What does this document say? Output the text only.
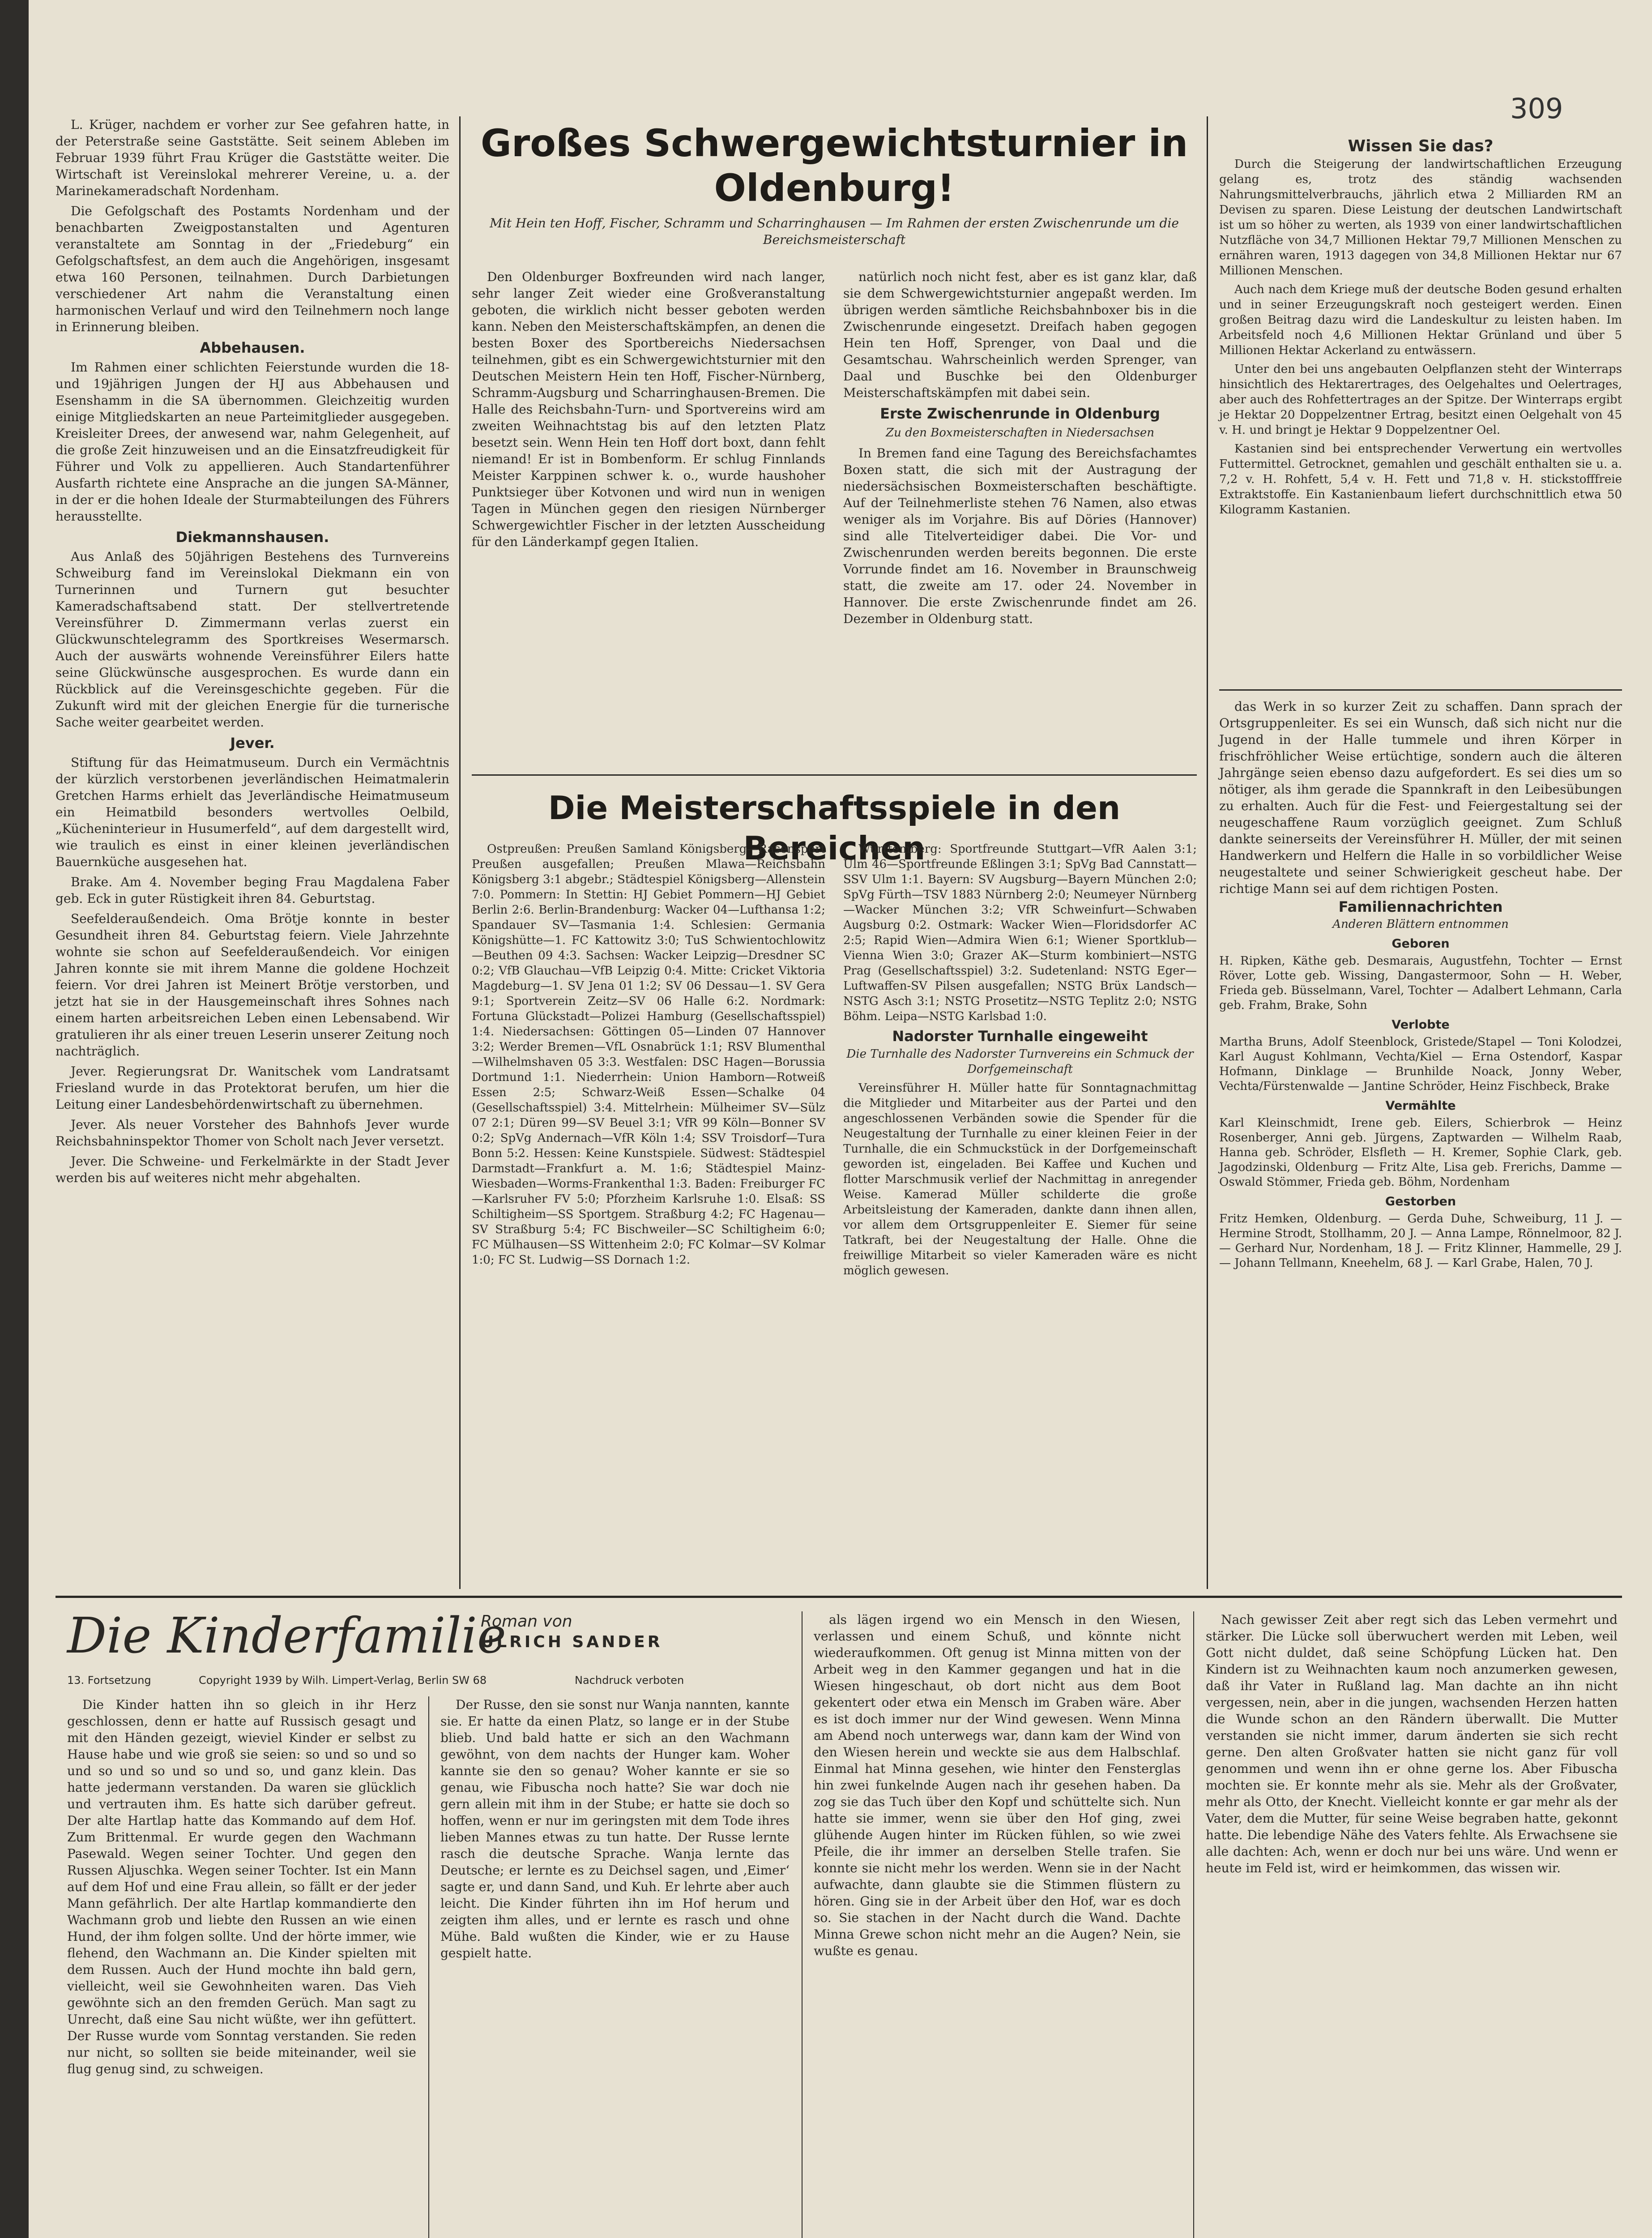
309

L. Krüger, nachdem er vorher zur See gefahren hatte, in der Peterstraße seine Gaststätte. Seit seinem Ableben im Februar 1939 führt Frau Krüger die Gaststätte weiter. Die Wirtschaft ist Vereinslokal mehrerer Vereine, u. a. der Marinekameradschaft Nordenham.

Die Gefolgschaft des Postamts Nordenham und der benachbarten Zweigpostanstalten und Agenturen veranstaltete am Sonntag in der „Friedeburg“ ein Gefolgschaftsfest, an dem auch die Angehörigen, insgesamt etwa 160 Personen, teilnahmen. Durch Darbietungen verschiedener Art nahm die Veranstaltung einen harmonischen Verlauf und wird den Teilnehmern noch lange in Erinnerung bleiben.

Abbehausen.

Im Rahmen einer schlichten Feierstunde wurden die 18- und 19jährigen Jungen der HJ aus Abbehausen und Esenshamm in die SA übernommen. Gleichzeitig wurden einige Mitgliedskarten an neue Parteimitglieder ausgegeben. Kreisleiter Drees, der anwesend war, nahm Gelegenheit, auf die große Zeit hinzuweisen und an die Einsatzfreudigkeit für Führer und Volk zu appellieren. Auch Standartenführer Ausfarth richtete eine Ansprache an die jungen SA-Männer, in der er die hohen Ideale der Sturmabteilungen des Führers herausstellte.

Diekmannshausen.

Aus Anlaß des 50jährigen Bestehens des Turnvereins Schweiburg fand im Vereinslokal Diekmann ein von Turnerinnen und Turnern gut besuchter Kameradschaftsabend statt. Der stellvertretende Vereinsführer D. Zimmermann verlas zuerst ein Glückwunschtelegramm des Sportkreises Wesermarsch. Auch der auswärts wohnende Vereinsführer Eilers hatte seine Glückwünsche ausgesprochen. Es wurde dann ein Rückblick auf die Vereinsgeschichte gegeben. Für die Zukunft wird mit der gleichen Energie für die turnerische Sache weiter gearbeitet werden.

Jever.

Stiftung für das Heimatmuseum. Durch ein Vermächtnis der kürzlich verstorbenen jeverländischen Heimatmalerin Gretchen Harms erhielt das Jeverländische Heimatmuseum ein Heimatbild besonders wertvolles Oelbild, „Kücheninterieur in Husumerfeld“, auf dem dargestellt wird, wie traulich es einst in einer kleinen jeverländischen Bauernküche ausgesehen hat.

Brake. Am 4. November beging Frau Magdalena Faber geb. Eck in guter Rüstigkeit ihren 84. Geburtstag.

Seefelderaußendeich. Oma Brötje konnte in bester Gesundheit ihren 84. Geburtstag feiern. Viele Jahrzehnte wohnte sie schon auf Seefelderaußendeich. Vor einigen Jahren konnte sie mit ihrem Manne die goldene Hochzeit feiern. Vor drei Jahren ist Meinert Brötje verstorben, und jetzt hat sie in der Hausgemeinschaft ihres Sohnes nach einem harten arbeitsreichen Leben einen Lebensabend. Wir gratulieren ihr als einer treuen Leserin unserer Zeitung noch nachträglich.

Jever. Regierungsrat Dr. Wanitschek vom Landratsamt Friesland wurde in das Protektorat berufen, um hier die Leitung einer Landesbehördenwirtschaft zu übernehmen.

Jever. Als neuer Vorsteher des Bahnhofs Jever wurde Reichsbahninspektor Thomer von Scholt nach Jever versetzt.

Jever. Die Schweine- und Ferkelmärkte in der Stadt Jever werden bis auf weiteres nicht mehr abgehalten.

Großes Schwergewichtsturnier in Oldenburg!
Mit Hein ten Hoff, Fischer, Schramm und Scharringhausen — Im Rahmen der ersten Zwischenrunde um die Bereichsmeisterschaft

Den Oldenburger Boxfreunden wird nach langer, sehr langer Zeit wieder eine Großveranstaltung geboten, die wirklich nicht besser geboten werden kann. Neben den Meisterschaftskämpfen, an denen die besten Boxer des Sportbereichs Niedersachsen teilnehmen, gibt es ein Schwergewichtsturnier mit den Deutschen Meistern Hein ten Hoff, Fischer-Nürnberg, Schramm-Augsburg und Scharringhausen-Bremen. Die Halle des Reichsbahn-Turn- und Sportvereins wird am zweiten Weihnachtstag bis auf den letzten Platz besetzt sein. Wenn Hein ten Hoff dort boxt, dann fehlt niemand! Er ist in Bombenform. Er schlug Finnlands Meister Karppinen schwer k. o., wurde haushoher Punktsieger über Kotvonen und wird nun in wenigen Tagen in München gegen den riesigen Nürnberger Schwergewichtler Fischer in der letzten Ausscheidung für den Länderkampf gegen Italien.

natürlich noch nicht fest, aber es ist ganz klar, daß sie dem Schwergewichtsturnier angepaßt werden. Im übrigen werden sämtliche Reichsbahnboxer bis in die Zwischenrunde eingesetzt. Dreifach haben gegogen Hein ten Hoff, Sprenger, von Daal und die Gesamtschau. Wahrscheinlich werden Sprenger, van Daal und Buschke bei den Oldenburger Meisterschaftskämpfen mit dabei sein.

Erste Zwischenrunde in Oldenburg
Zu den Boxmeisterschaften in Niedersachsen

In Bremen fand eine Tagung des Bereichsfachamtes Boxen statt, die sich mit der Austragung der niedersächsischen Boxmeisterschaften beschäftigte. Auf der Teilnehmerliste stehen 76 Namen, also etwas weniger als im Vorjahre. Bis auf Döries (Hannover) sind alle Titelverteidiger dabei. Die Vor- und Zwischenrunden werden bereits begonnen. Die erste Vorrunde findet am 16. November in Braunschweig statt, die zweite am 17. oder 24. November in Hannover. Die erste Zwischenrunde findet am 26. Dezember in Oldenburg statt.

Die Meisterschaftsspiele in den Bereichen

Ostpreußen: Preußen Samland Königsberg—Rasensport Preußen ausgefallen; Preußen Mlawa—Reichsbahn Königsberg 3:1 abgebr.; Städtespiel Königsberg—Allenstein 7:0. Pommern: In Stettin: HJ Gebiet Pommern—HJ Gebiet Berlin 2:6. Berlin-Brandenburg: Wacker 04—Lufthansa 1:2; Spandauer SV—Tasmania 1:4. Schlesien: Germania Königshütte—1. FC Kattowitz 3:0; TuS Schwientochlowitz—Beuthen 09 4:3. Sachsen: Wacker Leipzig—Dresdner SC 0:2; VfB Glauchau—VfB Leipzig 0:4. Mitte: Cricket Viktoria Magdeburg—1. SV Jena 01 1:2; SV 06 Dessau—1. SV Gera 9:1; Sportverein Zeitz—SV 06 Halle 6:2. Nordmark: Fortuna Glückstadt—Polizei Hamburg (Gesellschaftsspiel) 1:4. Niedersachsen: Göttingen 05—Linden 07 Hannover 3:2; Werder Bremen—VfL Osnabrück 1:1; RSV Blumenthal—Wilhelmshaven 05 3:3. Westfalen: DSC Hagen—Borussia Dortmund 1:1. Niederrhein: Union Hamborn—Rotweiß Essen 2:5; Schwarz-Weiß Essen—Schalke 04 (Gesellschaftsspiel) 3:4. Mittelrhein: Mülheimer SV—Sülz 07 2:1; Düren 99—SV Beuel 3:1; VfR 99 Köln—Bonner SV 0:2; SpVg Andernach—VfR Köln 1:4; SSV Troisdorf—Tura Bonn 5:2. Hessen: Keine Kunstspiele. Südwest: Städtespiel Darmstadt—Frankfurt a. M. 1:6; Städtespiel Mainz-Wiesbaden—Worms-Frankenthal 1:3. Baden: Freiburger FC—Karlsruher FV 5:0; Pforzheim Karlsruhe 1:0. Elsaß: SS Schiltigheim—SS Sportgem. Straßburg 4:2; FC Hagenau—SV Straßburg 5:4; FC Bischweiler—SC Schiltigheim 6:0; FC Mülhausen—SS Wittenheim 2:0; FC Kolmar—SV Kolmar 1:0; FC St. Ludwig—SS Dornach 1:2.

Württemberg: Sportfreunde Stuttgart—VfR Aalen 3:1; Ulm 46—Sportfreunde Eßlingen 3:1; SpVg Bad Cannstatt—SSV Ulm 1:1. Bayern: SV Augsburg—Bayern München 2:0; SpVg Fürth—TSV 1883 Nürnberg 2:0; Neumeyer Nürnberg—Wacker München 3:2; VfR Schweinfurt—Schwaben Augsburg 0:2. Ostmark: Wacker Wien—Floridsdorfer AC 2:5; Rapid Wien—Admira Wien 6:1; Wiener Sportklub—Vienna Wien 3:0; Grazer AK—Sturm kombiniert—NSTG Prag (Gesellschaftsspiel) 3:2. Sudetenland: NSTG Eger—Luftwaffen-SV Pilsen ausgefallen; NSTG Brüx Landsch—NSTG Asch 3:1; NSTG Prosetitz—NSTG Teplitz 2:0; NSTG Böhm. Leipa—NSTG Karlsbad 1:0.

Nadorster Turnhalle eingeweiht
Die Turnhalle des Nadorster Turnvereins ein Schmuck der Dorfgemeinschaft

Vereinsführer H. Müller hatte für Sonntagnachmittag die Mitglieder und Mitarbeiter aus der Partei und den angeschlossenen Verbänden sowie die Spender für die Neugestaltung der Turnhalle zu einer kleinen Feier in der Turnhalle, die ein Schmuckstück in der Dorfgemeinschaft geworden ist, eingeladen. Bei Kaffee und Kuchen und flotter Marschmusik verlief der Nachmittag in anregender Weise. Kamerad Müller schilderte die große Arbeitsleistung der Kameraden, dankte dann ihnen allen, vor allem dem Ortsgruppenleiter E. Siemer für seine Tatkraft, bei der Neugestaltung der Halle. Ohne die freiwillige Mitarbeit so vieler Kameraden wäre es nicht möglich gewesen.

Wissen Sie das?

Durch die Steigerung der landwirtschaftlichen Erzeugung gelang es, trotz des ständig wachsenden Nahrungsmittelverbrauchs, jährlich etwa 2 Milliarden RM an Devisen zu sparen. Diese Leistung der deutschen Landwirtschaft ist um so höher zu werten, als 1939 von einer landwirtschaftlichen Nutzfläche von 34,7 Millionen Hektar 79,7 Millionen Menschen zu ernähren waren, 1913 dagegen von 34,8 Millionen Hektar nur 67 Millionen Menschen.

Auch nach dem Kriege muß der deutsche Boden gesund erhalten und in seiner Erzeugungskraft noch gesteigert werden. Einen großen Beitrag dazu wird die Landeskultur zu leisten haben. Im Arbeitsfeld noch 4,6 Millionen Hektar Grünland und über 5 Millionen Hektar Ackerland zu entwässern.

Unter den bei uns angebauten Oelpflanzen steht der Winterraps hinsichtlich des Hektarertrages, des Oelgehaltes und Oelertrages, aber auch des Rohfettertrages an der Spitze. Der Winterraps ergibt je Hektar 20 Doppelzentner Ertrag, besitzt einen Oelgehalt von 45 v. H. und bringt je Hektar 9 Doppelzentner Oel.

Kastanien sind bei entsprechender Verwertung ein wertvolles Futtermittel. Getrocknet, gemahlen und geschält enthalten sie u. a. 7,2 v. H. Rohfett, 5,4 v. H. Fett und 71,8 v. H. stickstofffreie Extraktstoffe. Ein Kastanienbaum liefert durchschnittlich etwa 50 Kilogramm Kastanien.

das Werk in so kurzer Zeit zu schaffen. Dann sprach der Ortsgruppenleiter. Es sei ein Wunsch, daß sich nicht nur die Jugend in der Halle tummele und ihren Körper in frischfröhlicher Weise ertüchtige, sondern auch die älteren Jahrgänge seien ebenso dazu aufgefordert. Es sei dies um so nötiger, als ihm gerade die Spannkraft in den Leibesübungen zu erhalten. Auch für die Fest- und Feiergestaltung sei der neugeschaffene Raum vorzüglich geeignet. Zum Schluß dankte seinerseits der Vereinsführer H. Müller, der mit seinen Handwerkern und Helfern die Halle in so vorbildlicher Weise neugestaltete und seiner Schwierigkeit gescheut habe. Der richtige Mann sei auf dem richtigen Posten.

Familiennachrichten
Anderen Blättern entnommen
Geboren

H. Ripken, Käthe geb. Desmarais, Augustfehn, Tochter — Ernst Röver, Lotte geb. Wissing, Dangastermoor, Sohn — H. Weber, Frieda geb. Büsselmann, Varel, Tochter — Adalbert Lehmann, Carla geb. Frahm, Brake, Sohn

Verlobte

Martha Bruns, Adolf Steenblock, Gristede/Stapel — Toni Kolodzei, Karl August Kohlmann, Vechta/Kiel — Erna Ostendorf, Kaspar Hofmann, Dinklage — Brunhilde Noack, Jonny Weber, Vechta/Fürstenwalde — Jantine Schröder, Heinz Fischbeck, Brake

Vermählte

Karl Kleinschmidt, Irene geb. Eilers, Schierbrok — Heinz Rosenberger, Anni geb. Jürgens, Zaptwarden — Wilhelm Raab, Hanna geb. Schröder, Elsfleth — H. Kremer, Sophie Clark, geb. Jagodzinski, Oldenburg — Fritz Alte, Lisa geb. Frerichs, Damme — Oswald Stömmer, Frieda geb. Böhm, Nordenham

Gestorben

Fritz Hemken, Oldenburg. — Gerda Duhe, Schweiburg, 11 J. — Hermine Strodt, Stollhamm, 20 J. — Anna Lampe, Rönnelmoor, 82 J. — Gerhard Nur, Nordenham, 18 J. — Fritz Klinner, Hammelle, 29 J. — Johann Tellmann, Kneehelm, 68 J. — Karl Grabe, Halen, 70 J.

Die Kinderfamilie
Roman von
ULRICH SANDER
13. Fortsetzung	Copyright 1939 by Wilh. Limpert-Verlag, Berlin SW 68	Nachdruck verboten

Die Kinder hatten ihn so gleich in ihr Herz geschlossen, denn er hatte auf Russisch gesagt und mit den Händen gezeigt, wieviel Kinder er selbst zu Hause habe und wie groß sie seien: so und so und so und so und so und so und so, und ganz klein. Das hatte jedermann verstanden. Da waren sie glücklich und vertrauten ihm. Es hatte sich darüber gefreut. Der alte Hartlap hatte das Kommando auf dem Hof. Zum Brittenmal. Er wurde gegen den Wachmann Pasewald. Wegen seiner Tochter. Und gegen den Russen Aljuschka. Wegen seiner Tochter. Ist ein Mann auf dem Hof und eine Frau allein, so fällt er der jeder Mann gefährlich. Der alte Hartlap kommandierte den Wachmann grob und liebte den Russen an wie einen Hund, der ihm folgen sollte. Und der hörte immer, wie flehend, den Wachmann an. Die Kinder spielten mit dem Russen. Auch der Hund mochte ihn bald gern, vielleicht, weil sie Gewohnheiten waren. Das Vieh gewöhnte sich an den fremden Gerüch. Man sagt zu Unrecht, daß eine Sau nicht wüßte, wer ihn gefüttert. Der Russe wurde vom Sonntag verstanden. Sie reden nur nicht, so sollten sie beide miteinander, weil sie flug genug sind, zu schweigen.

Der Russe, den sie sonst nur Wanja nannten, kannte sie. Er hatte da einen Platz, so lange er in der Stube blieb. Und bald hatte er sich an den Wachmann gewöhnt, von dem nachts der Hunger kam. Woher kannte sie den so genau? Woher kannte er sie so genau, wie Fibuscha noch hatte? Sie war doch nie gern allein mit ihm in der Stube; er hatte sie doch so hoffen, wenn er nur im geringsten mit dem Tode ihres lieben Mannes etwas zu tun hatte. Der Russe lernte rasch die deutsche Sprache. Wanja lernte das Deutsche; er lernte es zu Deichsel sagen, und ‚Eimer‘ sagte er, und dann Sand, und Kuh. Er lehrte aber auch leicht. Die Kinder führten ihn im Hof herum und zeigten ihm alles, und er lernte es rasch und ohne Mühe. Bald wußten die Kinder, wie er zu Hause gespielt hatte.

als lägen irgend wo ein Mensch in den Wiesen, verlassen und einem Schuß, und könnte nicht wiederaufkommen. Oft genug ist Minna mitten von der Arbeit weg in den Kammer gegangen und hat in die Wiesen hingeschaut, ob dort nicht aus dem Boot gekentert oder etwa ein Mensch im Graben wäre. Aber es ist doch immer nur der Wind gewesen. Wenn Minna am Abend noch unterwegs war, dann kam der Wind von den Wiesen herein und weckte sie aus dem Halbschlaf. Einmal hat Minna gesehen, wie hinter den Fensterglas hin zwei funkelnde Augen nach ihr gesehen haben. Da zog sie das Tuch über den Kopf und schüttelte sich. Nun hatte sie immer, wenn sie über den Hof ging, zwei glühende Augen hinter im Rücken fühlen, so wie zwei Pfeile, die ihr immer an derselben Stelle trafen. Sie konnte sie nicht mehr los werden. Wenn sie in der Nacht aufwachte, dann glaubte sie die Stimmen flüstern zu hören. Ging sie in der Arbeit über den Hof, war es doch so. Sie stachen in der Nacht durch die Wand. Dachte Minna Grewe schon nicht mehr an die Augen? Nein, sie wußte es genau.

Nach gewisser Zeit aber regt sich das Leben vermehrt und stärker. Die Lücke soll überwuchert werden mit Leben, weil Gott nicht duldet, daß seine Schöpfung Lücken hat. Den Kindern ist zu Weihnachten kaum noch anzumerken gewesen, daß ihr Vater in Rußland lag. Man dachte an ihn nicht vergessen, nein, aber in die jungen, wachsenden Herzen hatten die Wunde schon an den Rändern überwallt. Die Mutter verstanden sie nicht immer, darum änderten sie sich recht gerne. Den alten Großvater hatten sie nicht ganz für voll genommen und wenn ihn er ohne gerne los. Aber Fibuscha mochten sie. Er konnte mehr als sie. Mehr als der Großvater, mehr als Otto, der Knecht. Vielleicht konnte er gar mehr als der Vater, dem die Mutter, für seine Weise begraben hatte, gekonnt hatte. Die lebendige Nähe des Vaters fehlte. Als Erwachsene sie alle dachten: Ach, wenn er doch nur bei uns wäre. Und wenn er heute im Feld ist, wird er heimkommen, das wissen wir.
